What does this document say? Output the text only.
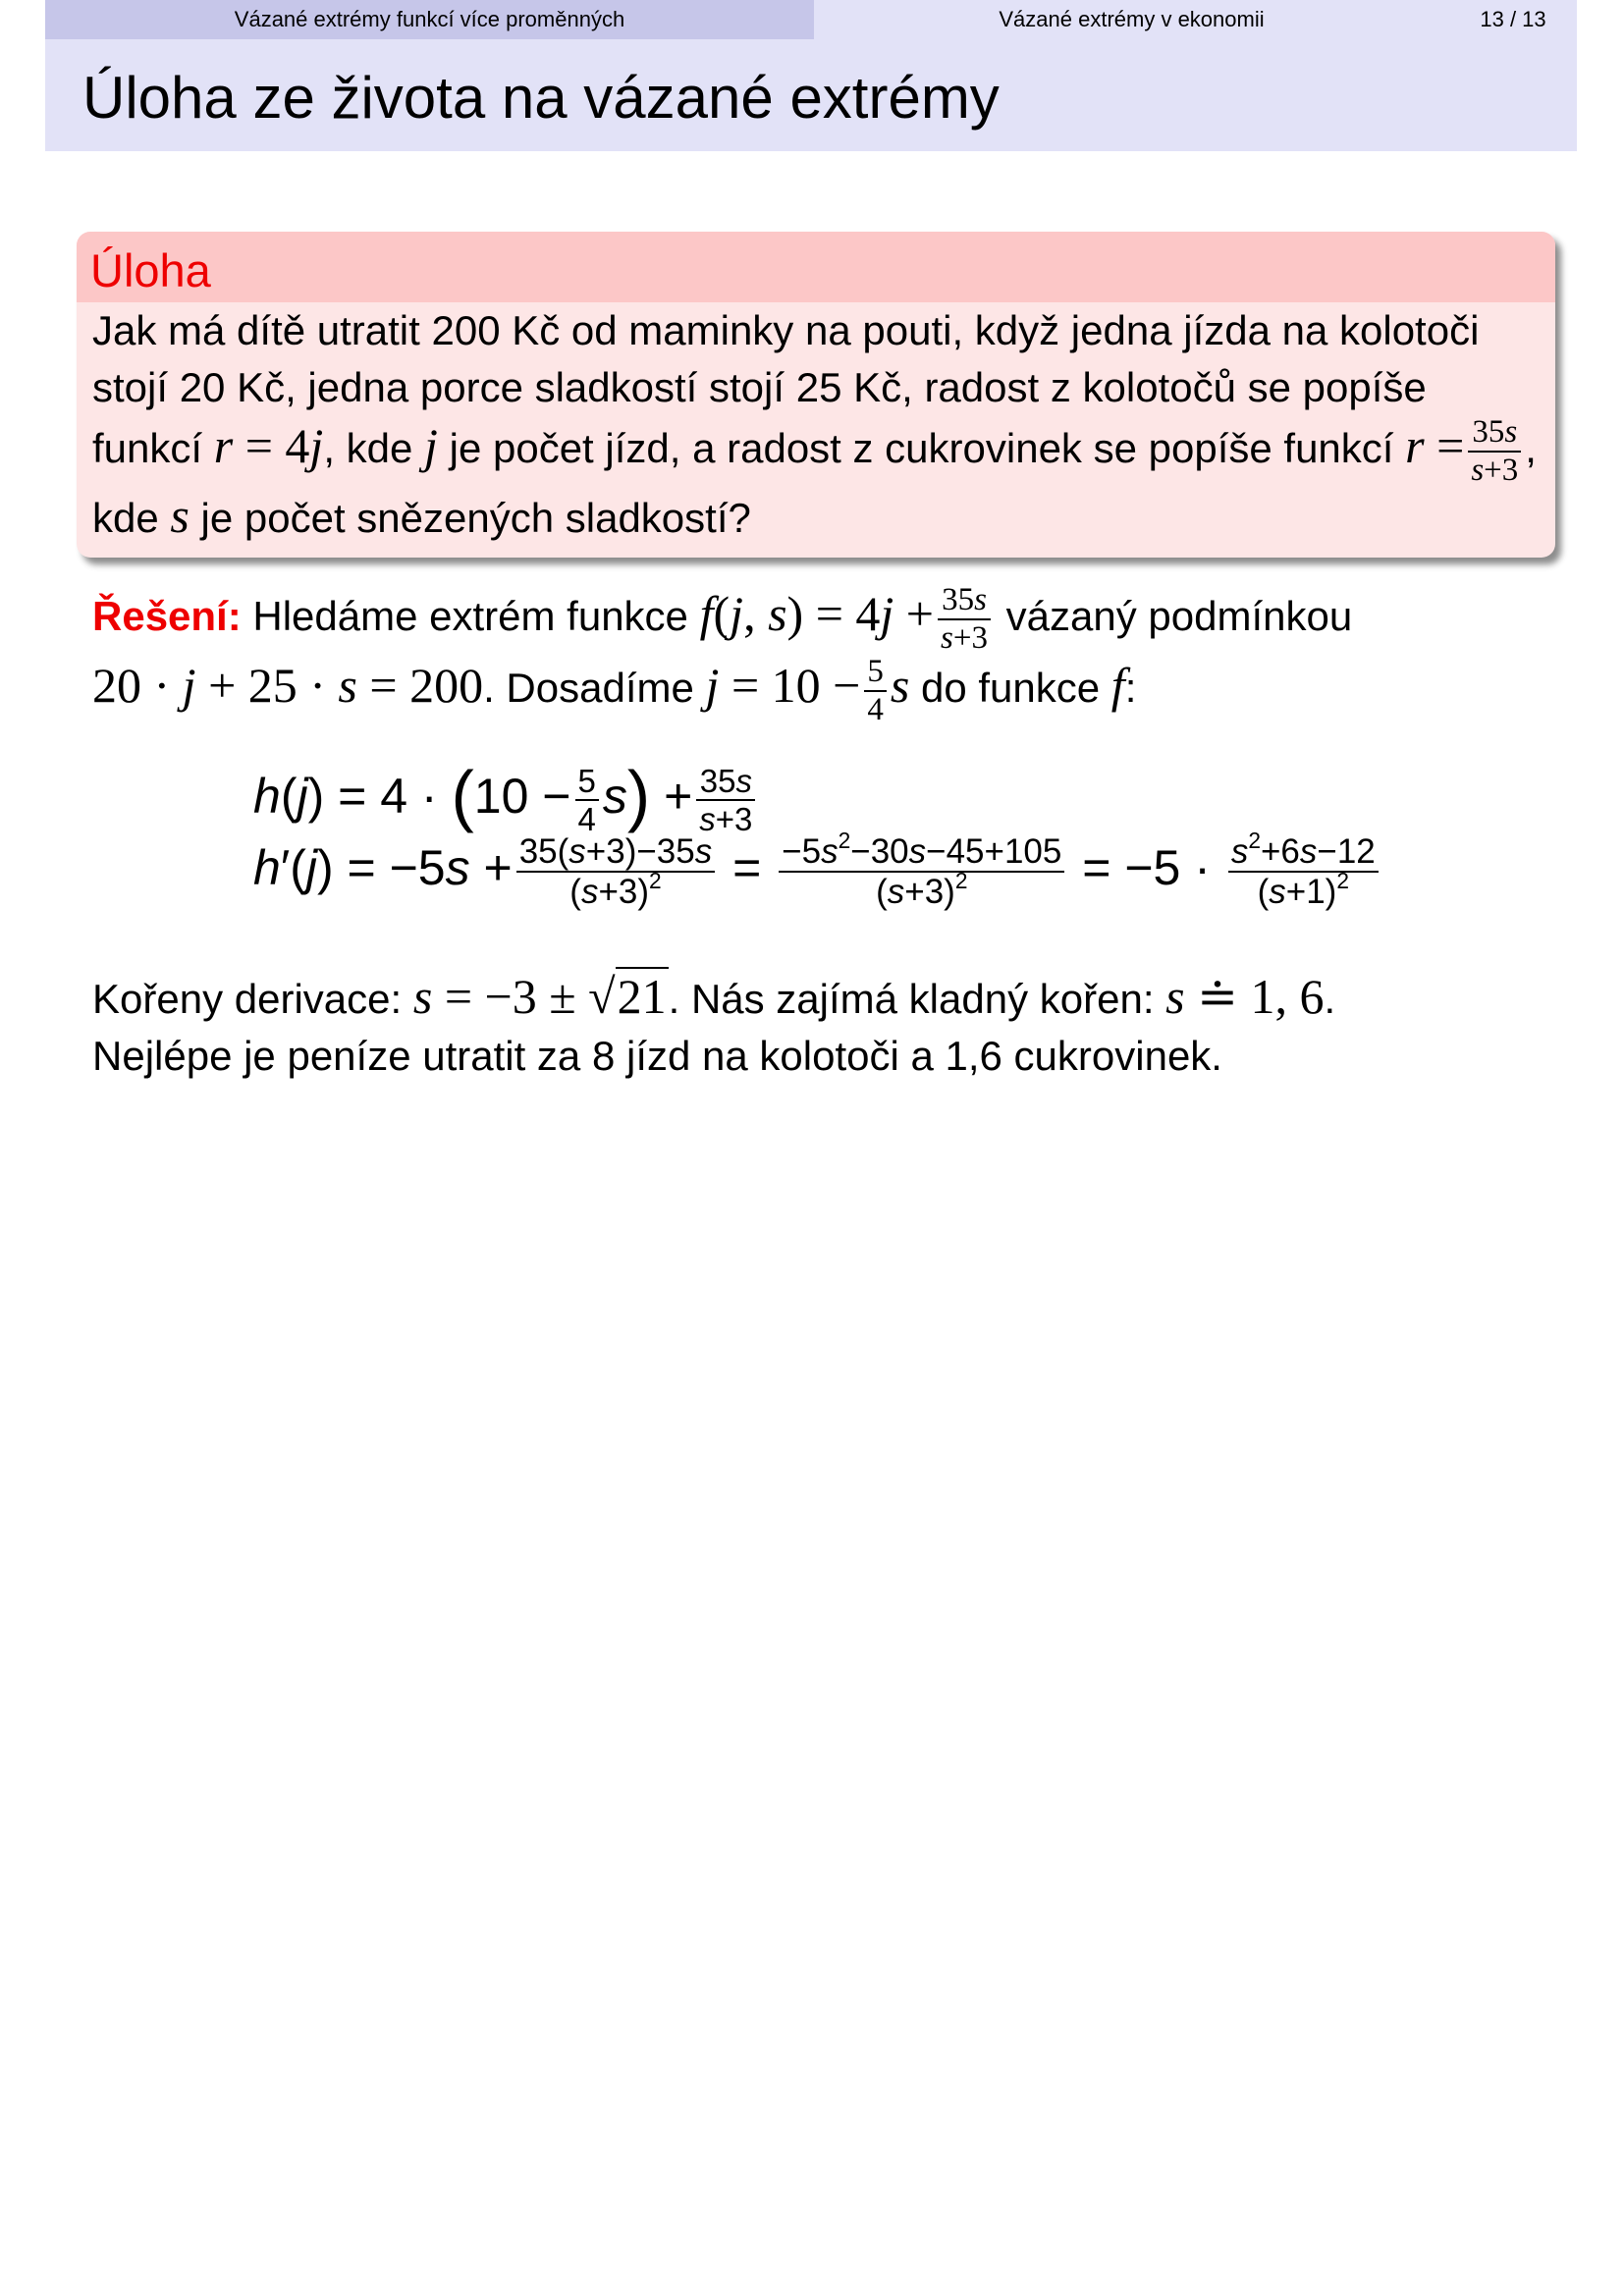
Vázané extrémy funkcí více proměnných	Vázané extrémy v ekonomii	13 / 13
Úloha ze života na vázané extrémy
Úloha

Jak má dítě utratit 200 Kč od maminky na pouti, když jedna jízda na kolotoči stojí 20 Kč, jedna porce sladkostí stojí 25 Kč, radost z kolotočů se popíše funkcí r = 4j, kde j je počet jízd, a radost z cukrovinek se popíše funkcí $r = \frac{35s}{s+3}$ , kde s je počet snězených sladkostí?

Řešení: Hledáme extrém funkce f(j, $s) = 4j + \frac{35s}{s+3}$ vázaný podmínkou
20 · j + 25 · s = 200. Dosadíme $j = 10 - \frac{5}{4}$ s do funkce f:

$h(j) = 4 \cdot (10 - \frac{5}{4} s) + \frac{35s}{s+3}$
$h'(j) = -5s + \frac{35(s+3)-35s}{(s+3)^2} = \frac{-5s^2-30s-45+105}{(s+3)^2} = -5 \cdot \frac{s^2+6s-12}{(s+1)^2}$

Kořeny derivace: s = −3 ± √21. Nás zajímá kladný kořen: s ≐ 1, 6.

Nejlépe je peníze utratit za 8 jízd na kolotoči a 1,6 cukrovinek.
